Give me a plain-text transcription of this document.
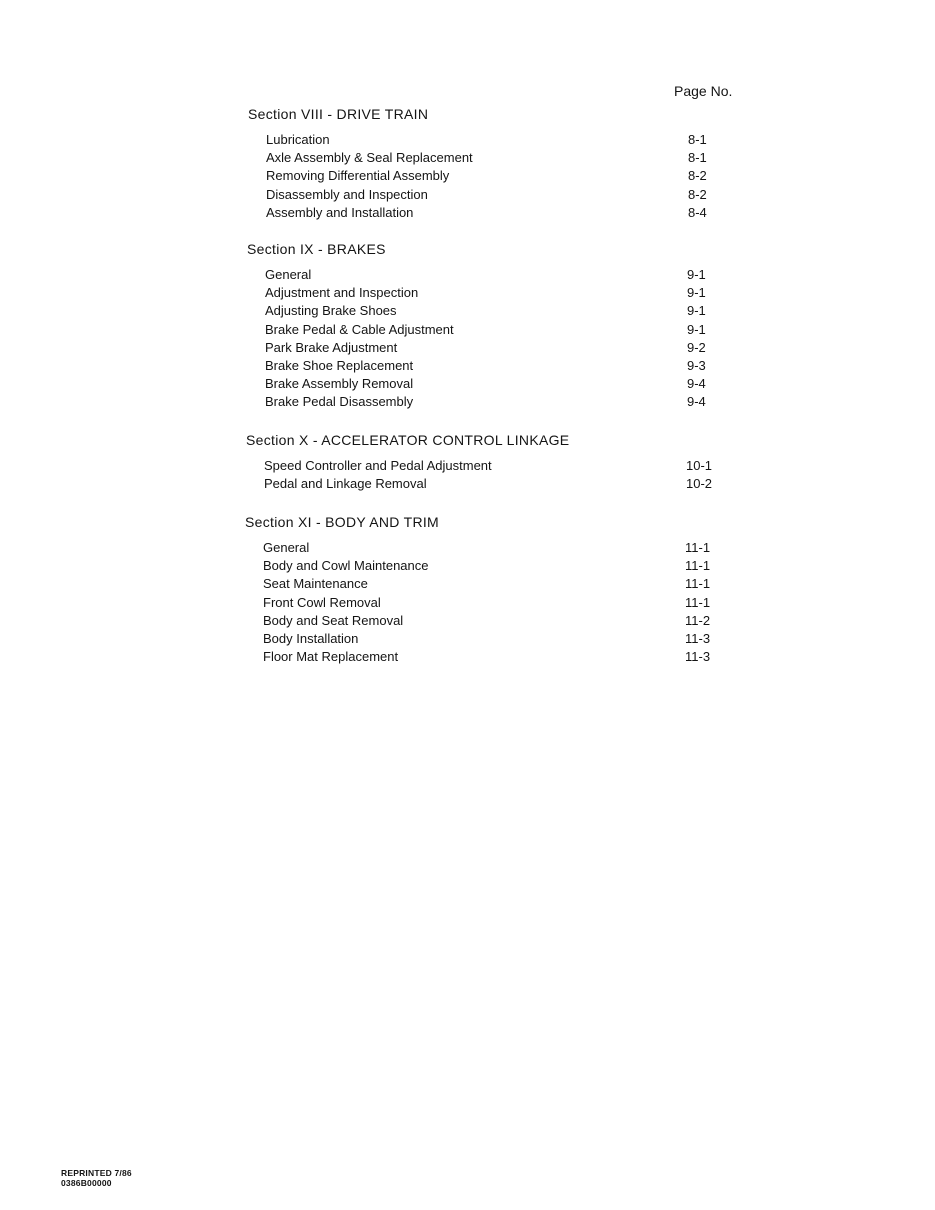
Page No.
Section VIII - DRIVE TRAIN
Lubrication	8-1
Axle Assembly & Seal Replacement	8-1
Removing Differential Assembly	8-2
Disassembly and Inspection	8-2
Assembly and Installation	8-4
Section IX - BRAKES
General	9-1
Adjustment and Inspection	9-1
Adjusting Brake Shoes	9-1
Brake Pedal & Cable Adjustment	9-1
Park Brake Adjustment	9-2
Brake Shoe Replacement	9-3
Brake Assembly Removal	9-4
Brake Pedal Disassembly	9-4
Section X - ACCELERATOR CONTROL LINKAGE
Speed Controller and Pedal Adjustment	10-1
Pedal and Linkage Removal	10-2
Section XI - BODY AND TRIM
General	11-1
Body and Cowl Maintenance	11-1
Seat Maintenance	11-1
Front Cowl Removal	11-1
Body and Seat Removal	11-2
Body Installation	11-3
Floor Mat Replacement	11-3
REPRINTED 7/86
0386B00000
